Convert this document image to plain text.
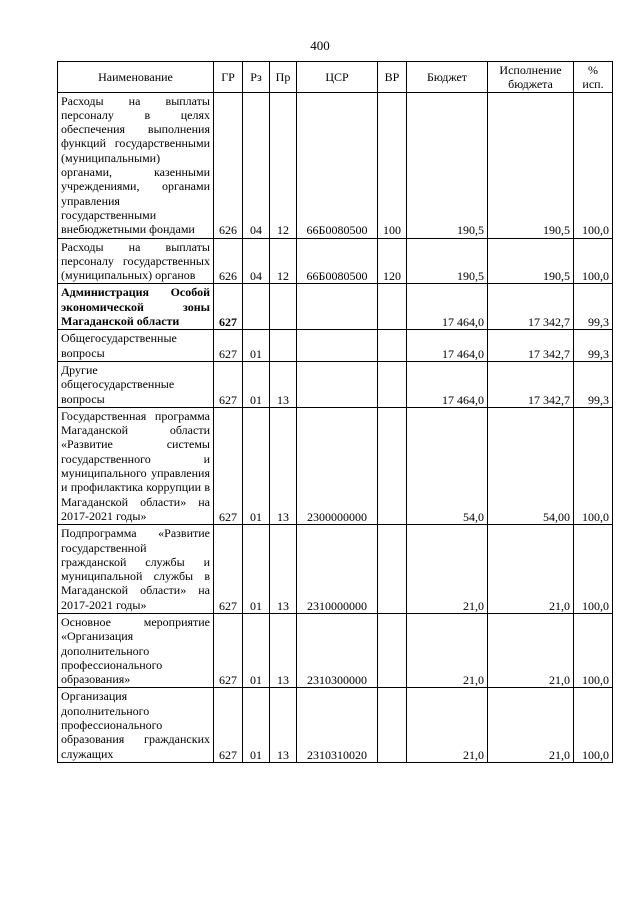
400
Наименование	ГР	Рз	Пр	ЦСР	ВР	Бюджет	Исполнение бюджета	% исп.
Расходы на выплаты персоналу в целях обеспечения выполнения функций государственными (муниципальными) органами, казенными учреждениями, органами управления государственными внебюджетными фондами	626	04	12	66Б0080500	100	190,5	190,5	100,0
Расходы на выплаты персоналу государственных (муниципальных) органов	626	04	12	66Б0080500	120	190,5	190,5	100,0
Администрация Особой экономической зоны Магаданской области	627					17 464,0	17 342,7	99,3
Общегосударственные вопросы	627	01				17 464,0	17 342,7	99,3
Другие общегосударственные вопросы	627	01	13			17 464,0	17 342,7	99,3
Государственная программа Магаданской области «Развитие системы государственного и муниципального управления и профилактика коррупции в Магаданской области» на 2017-2021 годы»	627	01	13	2300000000		54,0	54,00	100,0
Подпрограмма «Развитие государственной гражданской службы и муниципальной службы в Магаданской области» на 2017-2021 годы»	627	01	13	2310000000		21,0	21,0	100,0
Основное мероприятие «Организация дополнительного профессионального образования»	627	01	13	2310300000		21,0	21,0	100,0
Организация дополнительного профессионального образования гражданских служащих	627	01	13	2310310020		21,0	21,0	100,0
